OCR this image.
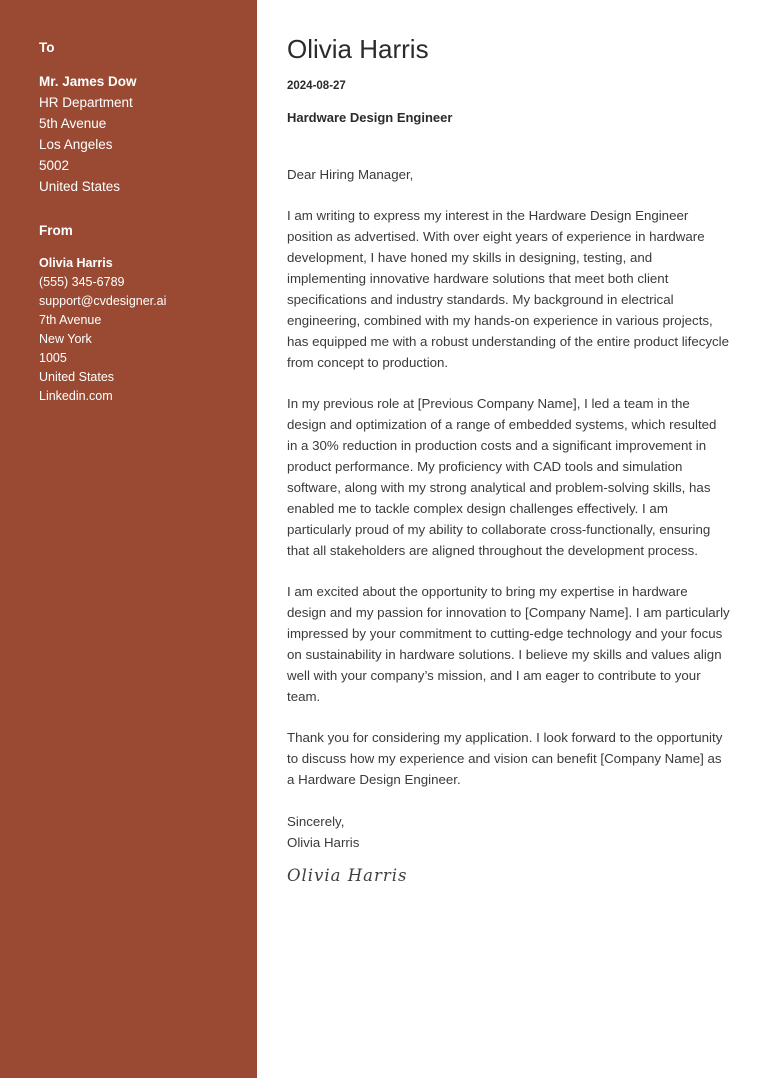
To

Mr. James Dow
HR Department
5th Avenue
Los Angeles
5002
United States

From

Olivia Harris
(555) 345-6789
support@cvdesigner.ai
7th Avenue
New York
1005
United States
Linkedin.com
Olivia Harris

2024-08-27

Hardware Design Engineer

Dear Hiring Manager,

I am writing to express my interest in the Hardware Design Engineer position as advertised. With over eight years of experience in hardware development, I have honed my skills in designing, testing, and implementing innovative hardware solutions that meet both client specifications and industry standards. My background in electrical engineering, combined with my hands-on experience in various projects, has equipped me with a robust understanding of the entire product lifecycle from concept to production.

In my previous role at [Previous Company Name], I led a team in the design and optimization of a range of embedded systems, which resulted in a 30% reduction in production costs and a significant improvement in product performance. My proficiency with CAD tools and simulation software, along with my strong analytical and problem-solving skills, has enabled me to tackle complex design challenges effectively. I am particularly proud of my ability to collaborate cross-functionally, ensuring that all stakeholders are aligned throughout the development process.

I am excited about the opportunity to bring my expertise in hardware design and my passion for innovation to [Company Name]. I am particularly impressed by your commitment to cutting-edge technology and your focus on sustainability in hardware solutions. I believe my skills and values align well with your company’s mission, and I am eager to contribute to your team.

Thank you for considering my application. I look forward to the opportunity to discuss how my experience and vision can benefit [Company Name] as a Hardware Design Engineer.

Sincerely,

Olivia Harris

Olivia Harris
